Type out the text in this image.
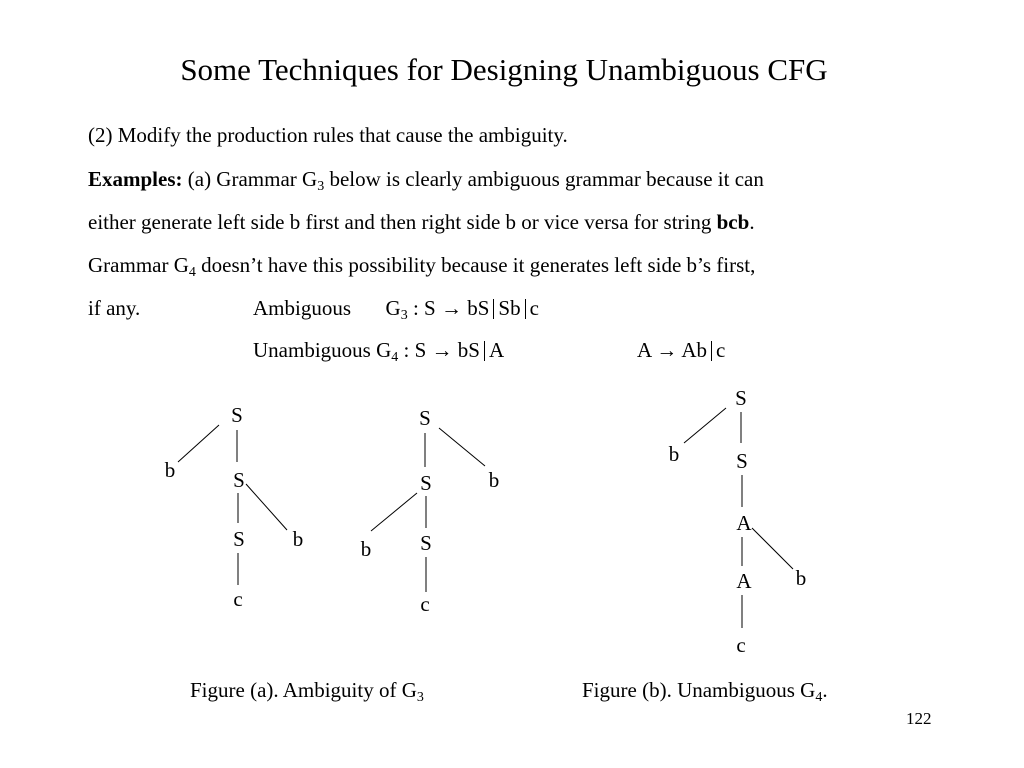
Some Techniques for Designing Unambiguous CFG
(2) Modify the production rules that cause the ambiguity.
Examples: (a) Grammar $G_3$ below is clearly ambiguous grammar because it can
either generate left side b first and then right side b or vice versa for string bcb.
Grammar $G_4$ doesn’t have this possibility because it generates left side b’s first,
if any.	Ambiguous $G_3$ : S → bS Sb c
Unambiguous $G_4$ : S → bS A	A → Ab c
S
b	S
b
S
c
S
b
S
b S
c
S
b	S
A
b
A
c
Figure (a). Ambiguity of $G_3$	Figure (b). Unambiguous $G_4$.
122
